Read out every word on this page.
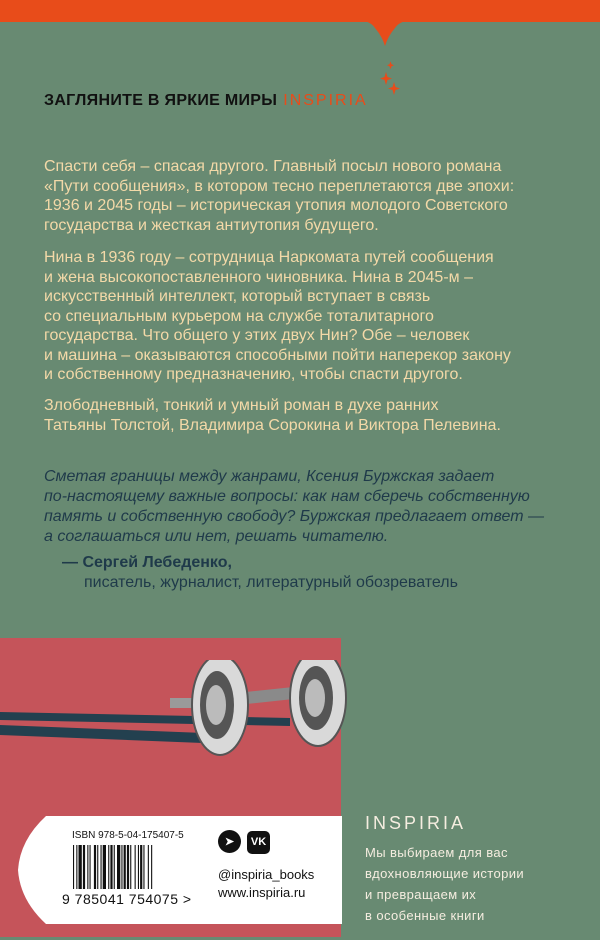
ЗАГЛЯНИТЕ В ЯРКИЕ МИРЫ INSPIRIA
Спасти себя – спасая другого. Главный посыл нового романа
«Пути сообщения», в котором тесно переплетаются две эпохи:
1936 и 2045 годы – историческая утопия молодого Советского
государства и жесткая антиутопия будущего.
Нина в 1936 году – сотрудница Наркомата путей сообщения
и жена высокопоставленного чиновника. Нина в 2045-м –
искусственный интеллект, который вступает в связь
со специальным курьером на службе тоталитарного
государства. Что общего у этих двух Нин? Обе – человек
и машина – оказываются способными пойти наперекор закону
и собственному предназначению, чтобы спасти другого.
Злободневный, тонкий и умный роман в духе ранних
Татьяны Толстой, Владимира Сорокина и Виктора Пелевина.
Сметая границы между жанрами, Ксения Буржская задает
по-настоящему важные вопросы: как нам сберечь собственную
память и собственную свободу? Буржская предлагает ответ —
а соглашаться или нет, решать читателю.
— Сергей Лебеденко,
писатель, журналист, литературный обозреватель
ISBN 978-5-04-175407-5
9 785041 754075 >
➤ VK
@inspiria_books
www.inspiria.ru
INSPIRIA
Мы выбираем для вас
вдохновляющие истории
и превращаем их
в особенные книги
